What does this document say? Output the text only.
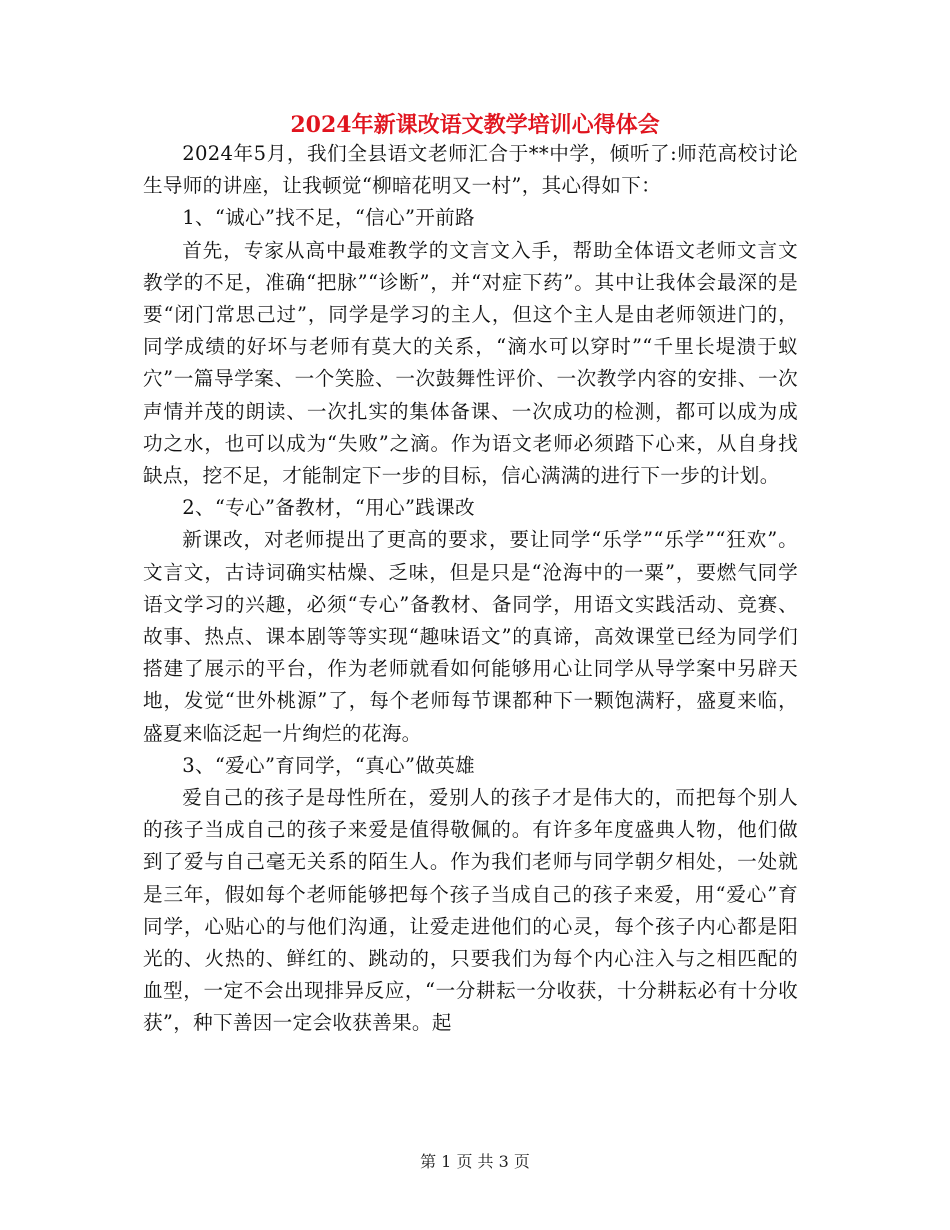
2024年新课改语文教学培训心得体会

2024年5月，我们全县语文老师汇合于**中学，倾听了:师范高校讨论生导师的讲座，让我顿觉“柳暗花明又一村”，其心得如下：

1、“诚心”找不足，“信心”开前路

首先，专家从高中最难教学的文言文入手，帮助全体语文老师文言文教学的不足，准确“把脉”“诊断”，并“对症下药”。其中让我体会最深的是要“闭门常思己过”，同学是学习的主人，但这个主人是由老师领进门的，同学成绩的好坏与老师有莫大的关系，“滴水可以穿时”“千里长堤溃于蚁穴”一篇导学案、一个笑脸、一次鼓舞性评价、一次教学内容的安排、一次声情并茂的朗读、一次扎实的集体备课、一次成功的检测，都可以成为成功之水，也可以成为“失败”之滴。作为语文老师必须踏下心来，从自身找缺点，挖不足，才能制定下一步的目标，信心满满的进行下一步的计划。

2、“专心”备教材，“用心”践课改

新课改，对老师提出了更高的要求，要让同学“乐学”“乐学”“狂欢”。文言文，古诗词确实枯燥、乏味，但是只是“沧海中的一粟”，要燃气同学语文学习的兴趣，必须“专心”备教材、备同学，用语文实践活动、竞赛、故事、热点、课本剧等等实现“趣味语文”的真谛，高效课堂已经为同学们搭建了展示的平台，作为老师就看如何能够用心让同学从导学案中另辟天地，发觉“世外桃源”了，每个老师每节课都种下一颗饱满籽，盛夏来临，盛夏来临泛起一片绚烂的花海。

3、“爱心”育同学，“真心”做英雄

爱自己的孩子是母性所在，爱别人的孩子才是伟大的，而把每个别人的孩子当成自己的孩子来爱是值得敬佩的。有许多年度盛典人物，他们做到了爱与自己毫无关系的陌生人。作为我们老师与同学朝夕相处，一处就是三年，假如每个老师能够把每个孩子当成自己的孩子来爱，用“爱心”育同学，心贴心的与他们沟通，让爱走进他们的心灵，每个孩子内心都是阳光的、火热的、鲜红的、跳动的，只要我们为每个内心注入与之相匹配的血型，一定不会出现排异反应，“一分耕耘一分收获，十分耕耘必有十分收获”，种下善因一定会收获善果。起

第 1 页 共 3 页
